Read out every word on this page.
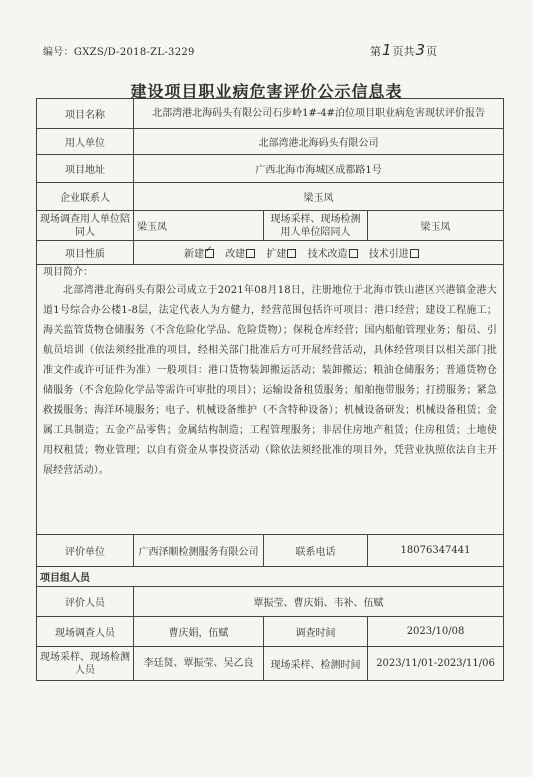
编号：GXZS/D-2018-ZL-3229	第1页共3页
建设项目职业病危害评价公示信息表
项目名称	北部湾港北海码头有限公司石步岭1#-4#泊位项目职业病危害现状评价报告		
用人单位	北部湾港北海码头有限公司		
项目地址	广西北海市海城区成都路1号		
企业联系人	梁玉凤		
现场调查用人单位陪同人	梁玉凤	现场采样、现场检测用人单位陪同人	梁玉凤
项目性质	新建 ✓ 改建 扩建 技术改造 技术引进

项目简介：
北部湾港北海码头有限公司成立于2021年08月18日，注册地位于北海市铁山港区兴港镇金港大道1号综合办公楼1-8层，法定代表人为方健力，经营范围包括许可项目：港口经营；建设工程施工；海关监管货物仓储服务（不含危险化学品、危险货物）；保税仓库经营；国内船舶管理业务；船员、引航员培训（依法须经批准的项目，经相关部门批准后方可开展经营活动，具体经营项目以相关部门批准文件或许可证件为准）一般项目：港口货物装卸搬运活动；装卸搬运；粮油仓储服务；普通货物仓储服务（不含危险化学品等需许可审批的项目）；运输设备租赁服务；船舶拖带服务；打捞服务；紧急救援服务；海洋环境服务；电子、机械设备维护（不含特种设备）；机械设备研发；机械设备租赁；金属工具制造；五金产品零售；金属结构制造；工程管理服务；非居住房地产租赁；住房租赁；土地使用权租赁；物业管理；以自有资金从事投资活动（除依法须经批准的项目外，凭营业执照依法自主开展经营活动）。			

评价单位	广西泽顺检测服务有限公司	联系电话	18076347441
项目组人员			
评价人员	覃振莹、曹庆娟、韦补、伍赋		
现场调查人员	曹庆娟，伍赋	调查时间	2023/10/08
现场采样、现场检测人员	李廷贤、覃振莹、吴乙良	现场采样、检测时间	2023/11/01-2023/11/06
